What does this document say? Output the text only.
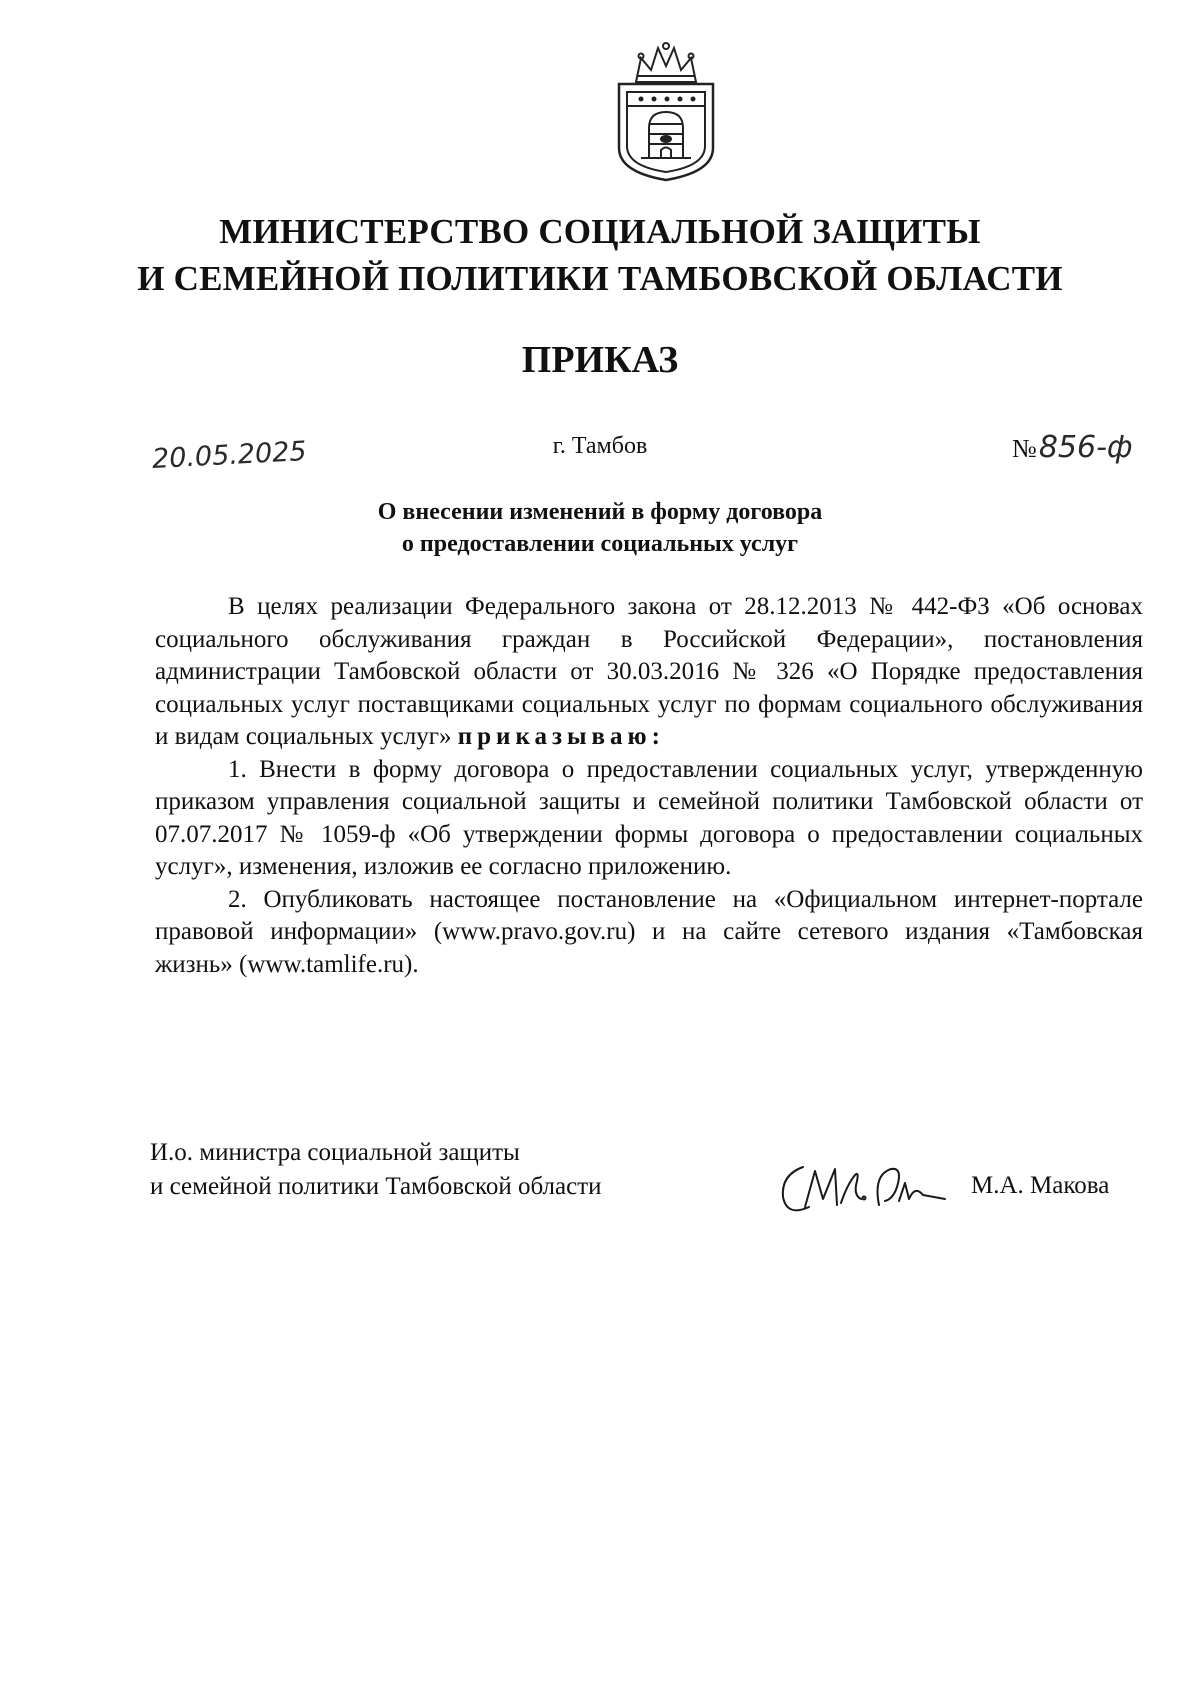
МИНИСТЕРСТВО СОЦИАЛЬНОЙ ЗАЩИТЫ
И СЕМЕЙНОЙ ПОЛИТИКИ ТАМБОВСКОЙ ОБЛАСТИ
ПРИКАЗ
20.05.2025	г. Тамбов	№ 856-ф
О внесении изменений в форму договора
о предоставлении социальных услуг

В целях реализации Федерального закона от 28.12.2013 № 442-ФЗ «Об основах социального обслуживания граждан в Российской Федерации», постановления администрации Тамбовской области от 30.03.2016 № 326 «О Порядке предоставления социальных услуг поставщиками социальных услуг по формам социального обслуживания и видам социальных услуг» приказываю:

1. Внести в форму договора о предоставлении социальных услуг, утвержденную приказом управления социальной защиты и семейной политики Тамбовской области от 07.07.2017 № 1059-ф «Об утверждении формы договора о предоставлении социальных услуг», изменения, изложив ее согласно приложению.

2. Опубликовать настоящее постановление на «Официальном интернет-портале правовой информации» (www.pravo.gov.ru) и на сайте сетевого издания «Тамбовская жизнь» (www.tamlife.ru).

И.о. министра социальной защиты
и семейной политики Тамбовской области	М.А. Макова
